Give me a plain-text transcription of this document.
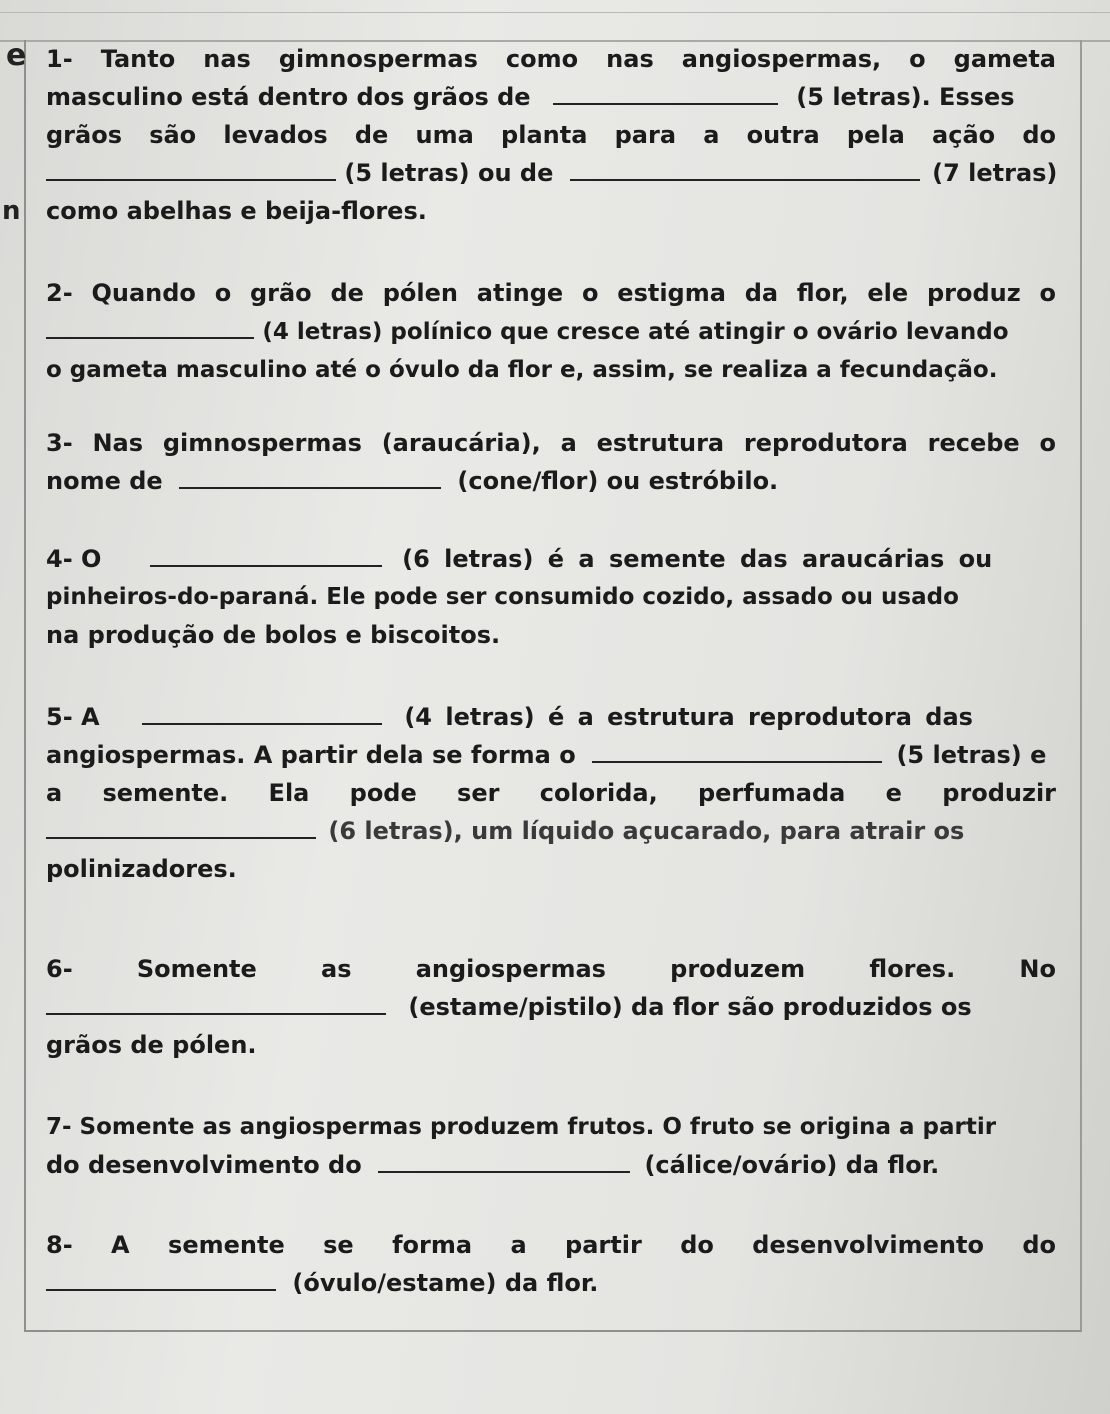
e
n
1- Tanto nas gimnospermas como nas angiospermas, o gameta
masculino está dentro dos grãos de	(5 letras). Esses
grãos são levados de uma planta para a outra pela ação do
(5 letras) ou de	(7 letras)
como abelhas e beija-flores.
2- Quando o grão de pólen atinge o estigma da flor, ele produz o
(4 letras) polínico que cresce até atingir o ovário levando
o gameta masculino até o óvulo da flor e, assim, se realiza a fecundação.
3- Nas gimnospermas (araucária), a estrutura reprodutora recebe o
nome de	(cone/flor) ou estróbilo.
4- O	(6 letras) é a semente das araucárias ou
pinheiros-do-paraná. Ele pode ser consumido cozido, assado ou usado
na produção de bolos e biscoitos.
5- A	(4 letras) é a estrutura reprodutora das
angiospermas. A partir dela se forma o	(5 letras) e
a semente. Ela pode ser colorida, perfumada e produzir
(6 letras), um líquido açucarado, para atrair os
polinizadores.
6- Somente as angiospermas produzem flores. No
(estame/pistilo) da flor são produzidos os
grãos de pólen.
7- Somente as angiospermas produzem frutos. O fruto se origina a partir
do desenvolvimento do	(cálice/ovário) da flor.
8- A semente se forma a partir do desenvolvimento do
(óvulo/estame) da flor.
